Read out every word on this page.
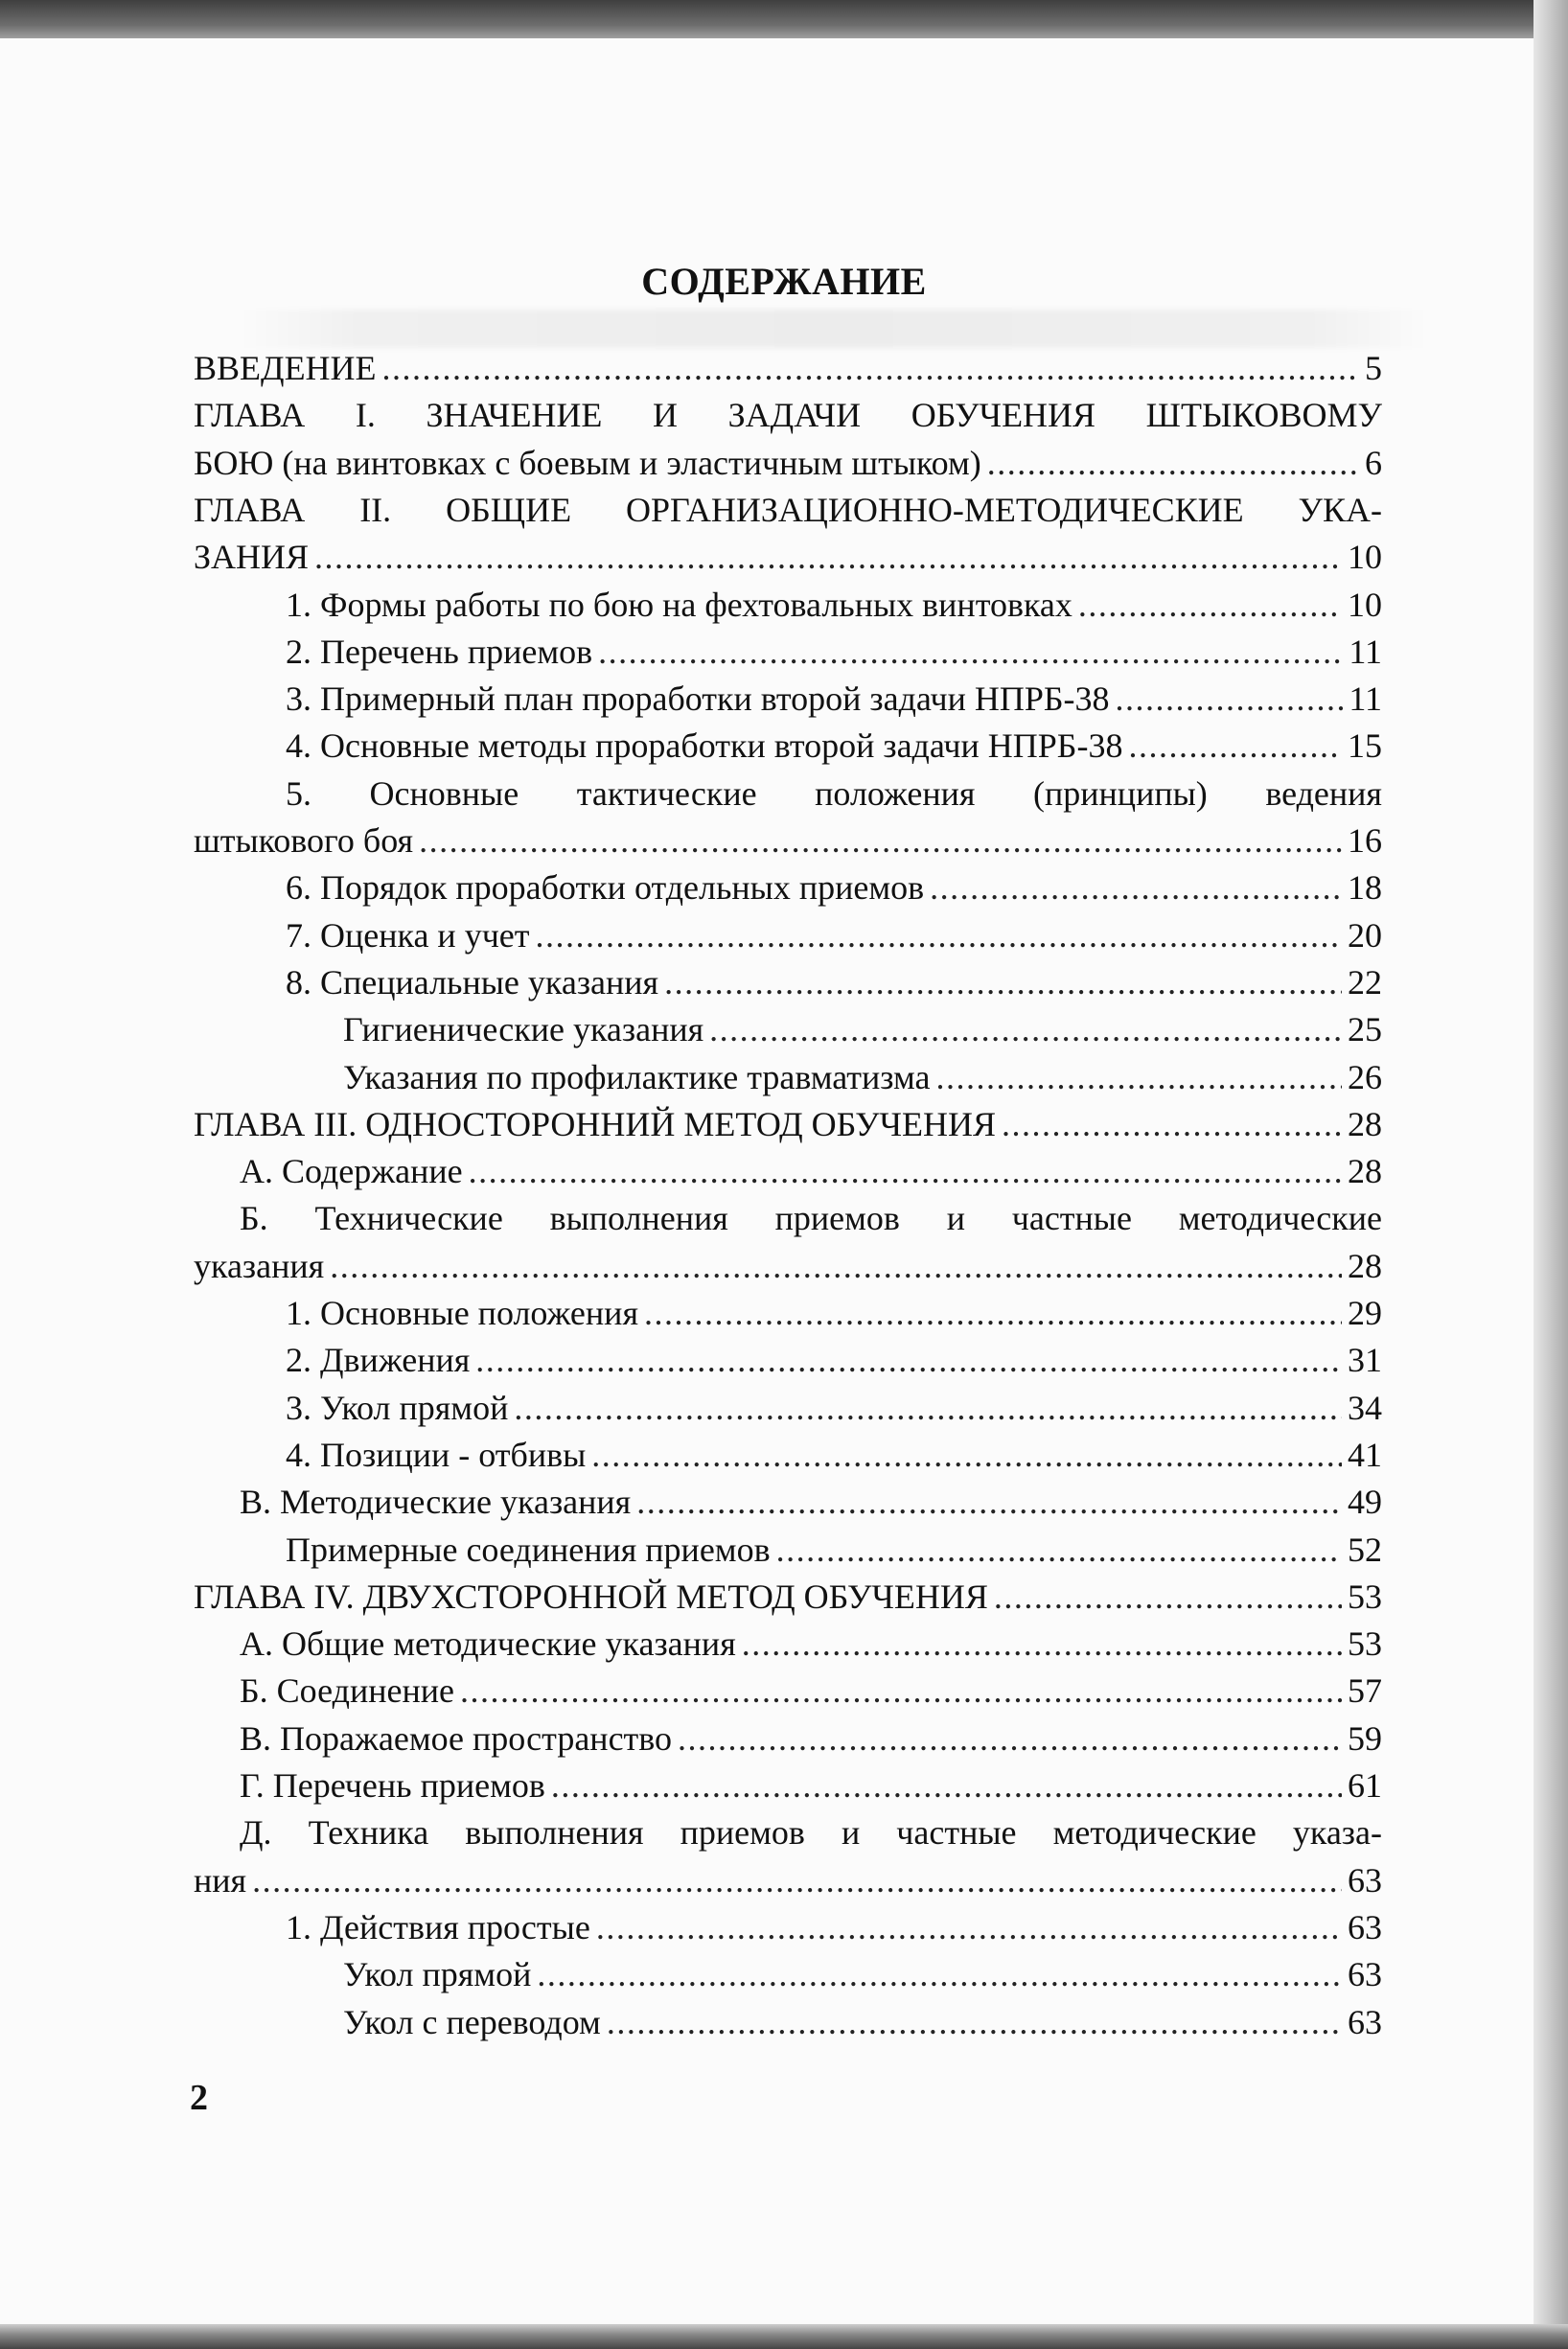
СОДЕРЖАНИЕ
ВВЕДЕНИЕ .....	5
ГЛАВА I. ЗНАЧЕНИЕ И ЗАДАЧИ ОБУЧЕНИЯ ШТЫКОВОМУ
БОЮ (на винтовках с боевым и эластичным штыком) .....	6
ГЛАВА II. ОБЩИЕ ОРГАНИЗАЦИОННО-МЕТОДИЧЕСКИЕ УКА-
ЗАНИЯ .....	10
1. Формы работы по бою на фехтовальных винтовках .....	10
2. Перечень приемов .....	11
3. Примерный план проработки второй задачи НПРБ-38 .....	11
4. Основные методы проработки второй задачи НПРБ-38 .....	15
5. Основные тактические положения (принципы) ведения
штыкового боя .....	16
6. Порядок проработки отдельных приемов .....	18
7. Оценка и учет .....	20
8. Специальные указания .....	22
Гигиенические указания .....	25
Указания по профилактике травматизма .....	26
ГЛАВА III. ОДНОСТОРОННИЙ МЕТОД ОБУЧЕНИЯ .....	28
А. Содержание .....	28
Б. Технические выполнения приемов и частные методические
указания .....	28
1. Основные положения .....	29
2. Движения .....	31
3. Укол прямой .....	34
4. Позиции - отбивы .....	41
В. Методические указания .....	49
Примерные соединения приемов .....	52
ГЛАВА IV. ДВУХСТОРОННОЙ МЕТОД ОБУЧЕНИЯ .....	53
А. Общие методические указания .....	53
Б. Соединение .....	57
В. Поражаемое пространство .....	59
Г. Перечень приемов .....	61
Д. Техника выполнения приемов и частные методические указа-
ния .....	63
1. Действия простые .....	63
Укол прямой .....	63
Укол с переводом .....	63
2
